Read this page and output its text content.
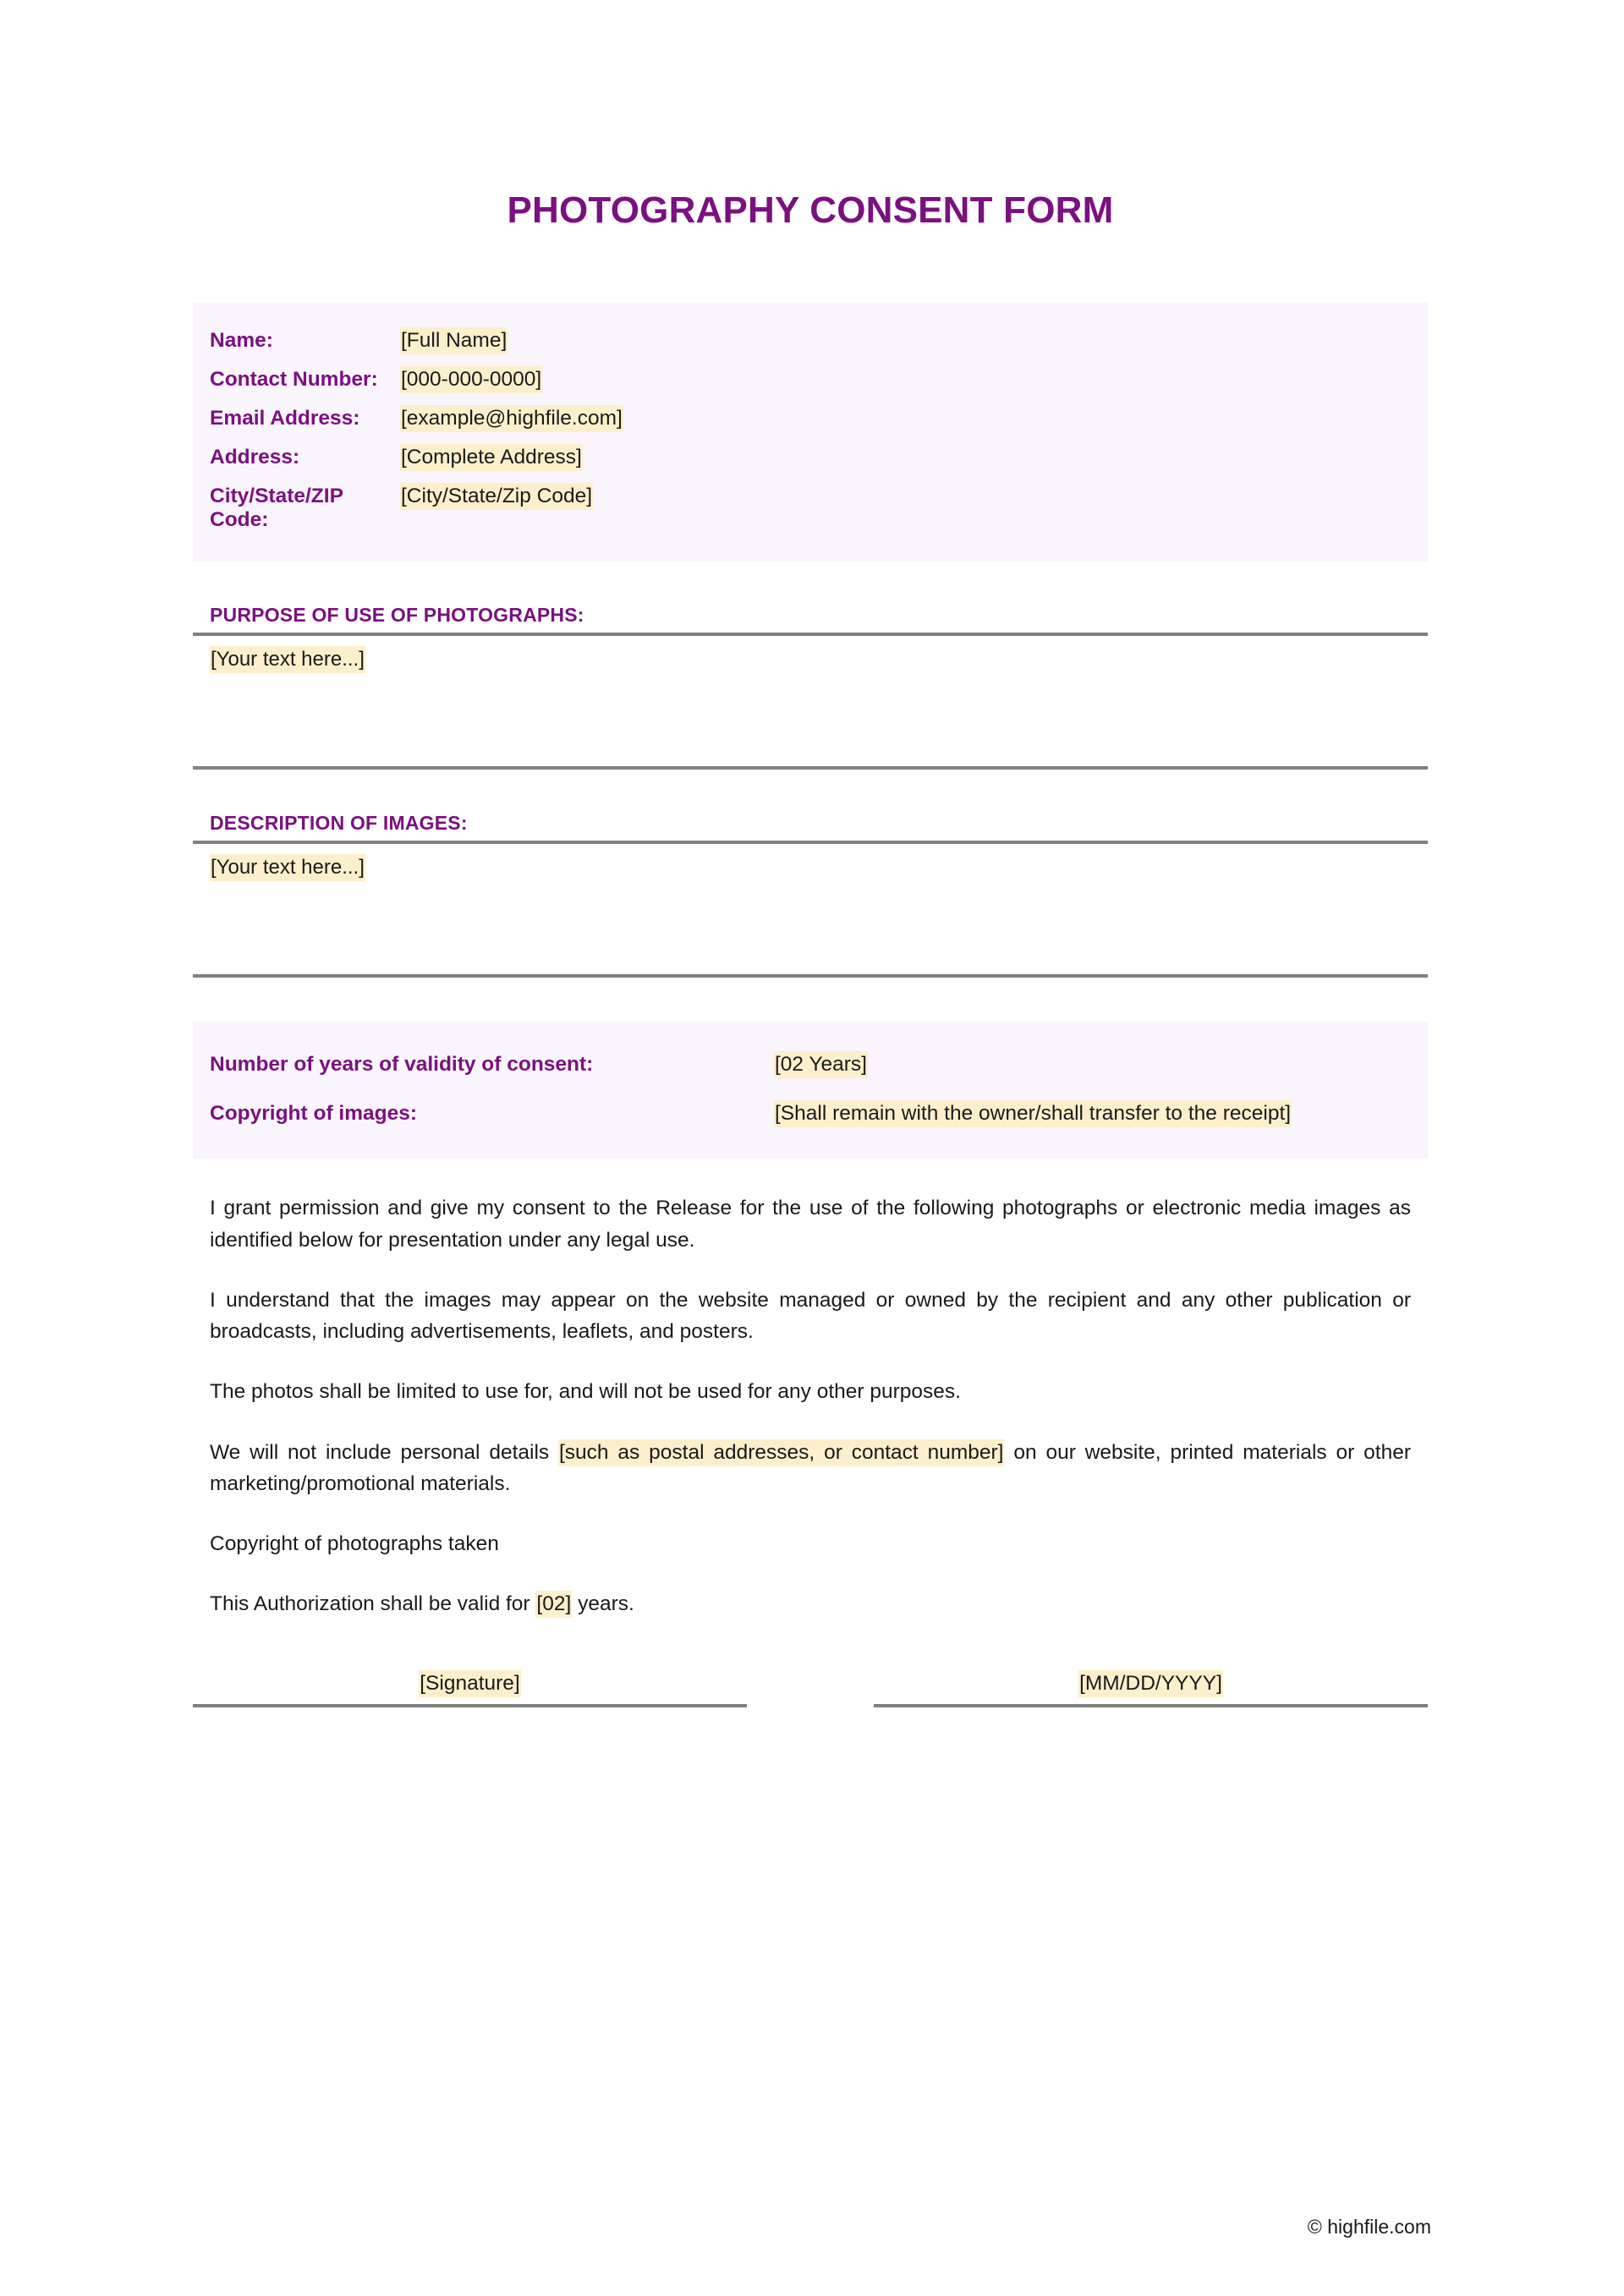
PHOTOGRAPHY CONSENT FORM
Name:	[Full Name]
Contact Number:	[000-000-0000]
Email Address:	[example@highfile.com]
Address:	[Complete Address]
City/State/ZIP Code:
[City/State/Zip Code]
PURPOSE OF USE OF PHOTOGRAPHS:
[Your text here...]
DESCRIPTION OF IMAGES:
[Your text here...]
Number of years of validity of consent:	[02 Years]
Copyright of images:	[Shall remain with the owner/shall transfer to the receipt]

I grant permission and give my consent to the Release for the use of the following photographs or electronic media images as identified below for presentation under any legal use.

I understand that the images may appear on the website managed or owned by the recipient and any other publication or broadcasts, including advertisements, leaflets, and posters.

The photos shall be limited to use for, and will not be used for any other purposes.

We will not include personal details [such as postal addresses, or contact number] on our website, printed materials or other marketing/promotional materials.

Copyright of photographs taken

This Authorization shall be valid for [02] years.

[Signature]	[MM/DD/YYYY]
© highfile.com
